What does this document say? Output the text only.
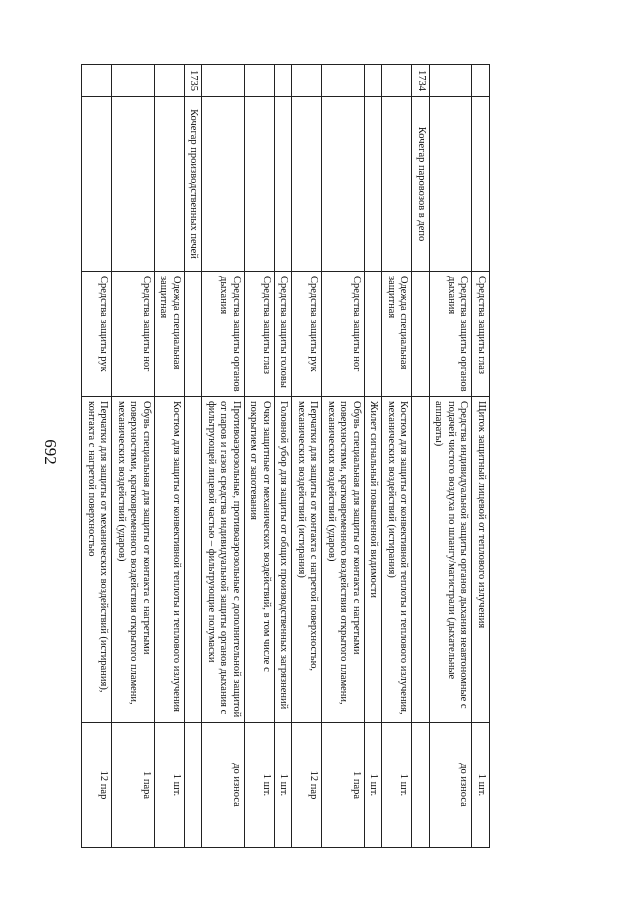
692
		Средства защиты глаз	Щиток защитный лицевой от теплового излучения	1 шт.
		Средства защиты органов дыхания	Средства индивидуальной защиты органов дыхания неавтономные с подачей чистого воздуха по шлангу/магистрали (дыхательные аппараты)	до износа
1734	Кочегар паровозов в депо			
		Одежда специальная защитная	Костюм для защиты от конвективной теплоты и теплового излучения, механических воздействий (истирания)	1 шт.
			Жилет сигнальный повышенной видимости	1 шт.
		Средства защиты ног	Обувь специальная для защиты от контакта с нагретыми поверхностями, кратковременного воздействия открытого пламени, механических воздействий (ударов)	1 пара
		Средства защиты рук	Перчатки для защиты от контакта с нагретой поверхностью, механических воздействий (истирания)	12 пар
		Средства защиты головы	Головной убор для защиты от общих производственных загрязнений	1 шт.
		Средства защиты глаз	Очки защитные от механических воздействий, в том числе с покрытием от запотевания	1 шт.
		Средства защиты органов дыхания	Противоаэрозольные, противоаэрозольные с дополнительной защитой от паров и газов средства индивидуальной защиты органов дыхания с фильтрующей лицевой частью – фильтрующие полумаски	до износа
1735	Кочегар производственных печей			
		Одежда специальная защитная	Костюм для защиты от конвективной теплоты и теплового излучения	1 шт.
		Средства защиты ног	Обувь специальная для защиты от контакта с нагретыми поверхностями, кратковременного воздействия открытого пламени, механических воздействий (ударов)	1 пара
		Средства защиты рук	Перчатки для защиты от механических воздействий (истирания), контакта с нагретой поверхностью	12 пар
